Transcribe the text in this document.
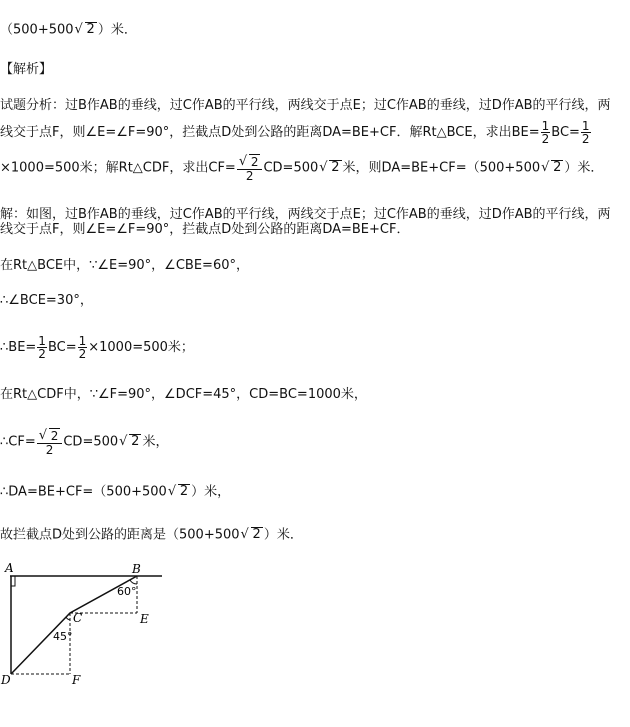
（500+500 √ 2 ）米．
【解析】
试题分析：过B作AB的垂线，过C作AB的平行线，两线交于点E；过C作AB的垂线，过D作AB的平行线，两
线交于点F，则∠E=∠F=90°，拦截点D处到公路的距离DA=BE+CF．解Rt△BCE，求出$BE= \frac{1}{2} BC= \frac{1}{2}$
×1000=500米；解Rt△CDF，求出$CF= \frac{√ 2}{2} CD=500$ √ 2 米，则DA=BE+CF=（500+500 √ 2 ）米．
解：如图，过B作AB的垂线，过C作AB的平行线，两线交于点E；过C作AB的垂线，过D作AB的平行线，两
线交于点F，则∠E=∠F=90°，拦截点D处到公路的距离DA=BE+CF．
在Rt△BCE中，∵∠E=90°，∠CBE=60°，
∴∠BCE=30°，
∴BE= $\frac{1}{2} BC= \frac{1}{2} \times 1000=500$米；
在Rt△CDF中，∵∠F=90°，∠DCF=45°，CD=BC=1000米，
∴CF= $\frac{√ 2}{2} CD=500$ √ 2 米，
∴DA=BE+CF=（500+500 √ 2 ）米，
故拦截点D处到公路的距离是（500+500 √ 2 ）米．
A	B
C
D
E
F
60°
45°
